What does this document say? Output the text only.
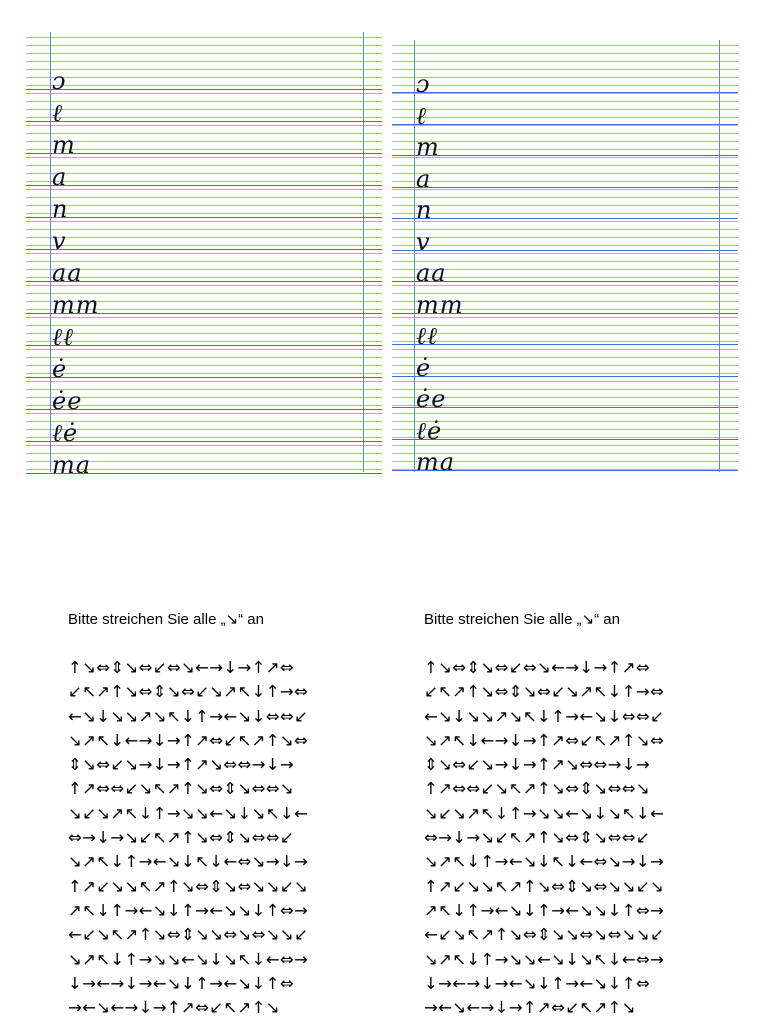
ɔ
ℓ
m
a
n
v
aa
mm
ℓℓ
ė
ėe
ℓė
ma
ɔ
ℓ
m
a
n
v
aa
mm
ℓℓ
ė
ėe
ℓė
ma

Bitte streichen Sie alle „↘“ an

↑↘⇔⇕↘⇔↙⇔↘←→↓→↑↗⇔
↙↖↗↑↘⇔⇕↘⇔↙↘↗↖↓↑→⇔
←↘↓↘↘↗↘↖↓↑→←↘↓⇔⇔↙
↘↗↖↓←→↓→↑↗⇔↙↖↗↑↘⇔
⇕↘⇔↙↘→↓→↑↗↘⇔⇔→↓→
↑↗⇔⇔↙↘↖↗↑↘⇔⇕↘⇔⇔↘
↘↙↘↗↖↓↑→↘↘←↘↓↘↖↓←
⇔→↓→↘↙↖↗↑↘⇔⇕↘⇔⇔↙
↘↗↖↓↑→←↘↓↖↓←⇔↘→↓→
↑↗↙↘↘↖↗↑↘⇔⇕↘⇔↘↘↙↘
↗↖↓↑→←↘↓↑→←↘↘↓↑⇔→
←↙↘↖↗↑↘⇔⇕↘↘⇔↘⇔↘↘↙
↘↗↖↓↑→↘↘←↘↓↘↖↓←⇔→
↓→←→↓→←↘↓↑→←↘↓↑⇔
→←↘←→↓→↑↗⇔↙↖↗↑↘

Bitte streichen Sie alle „↘“ an

↑↘⇔⇕↘⇔↙⇔↘←→↓→↑↗⇔
↙↖↗↑↘⇔⇕↘⇔↙↘↗↖↓↑→⇔
←↘↓↘↘↗↘↖↓↑→←↘↓⇔⇔↙
↘↗↖↓←→↓→↑↗⇔↙↖↗↑↘⇔
⇕↘⇔↙↘→↓→↑↗↘⇔⇔→↓→
↑↗⇔⇔↙↘↖↗↑↘⇔⇕↘⇔⇔↘
↘↙↘↗↖↓↑→↘↘←↘↓↘↖↓←
⇔→↓→↘↙↖↗↑↘⇔⇕↘⇔⇔↙
↘↗↖↓↑→←↘↓↖↓←⇔↘→↓→
↑↗↙↘↘↖↗↑↘⇔⇕↘⇔↘↘↙↘
↗↖↓↑→←↘↓↑→←↘↘↓↑⇔→
←↙↘↖↗↑↘⇔⇕↘↘⇔↘⇔↘↘↙
↘↗↖↓↑→↘↘←↘↓↘↖↓←⇔→
↓→←→↓→←↘↓↑→←↘↓↑⇔
→←↘←→↓→↑↗⇔↙↖↗↑↘
